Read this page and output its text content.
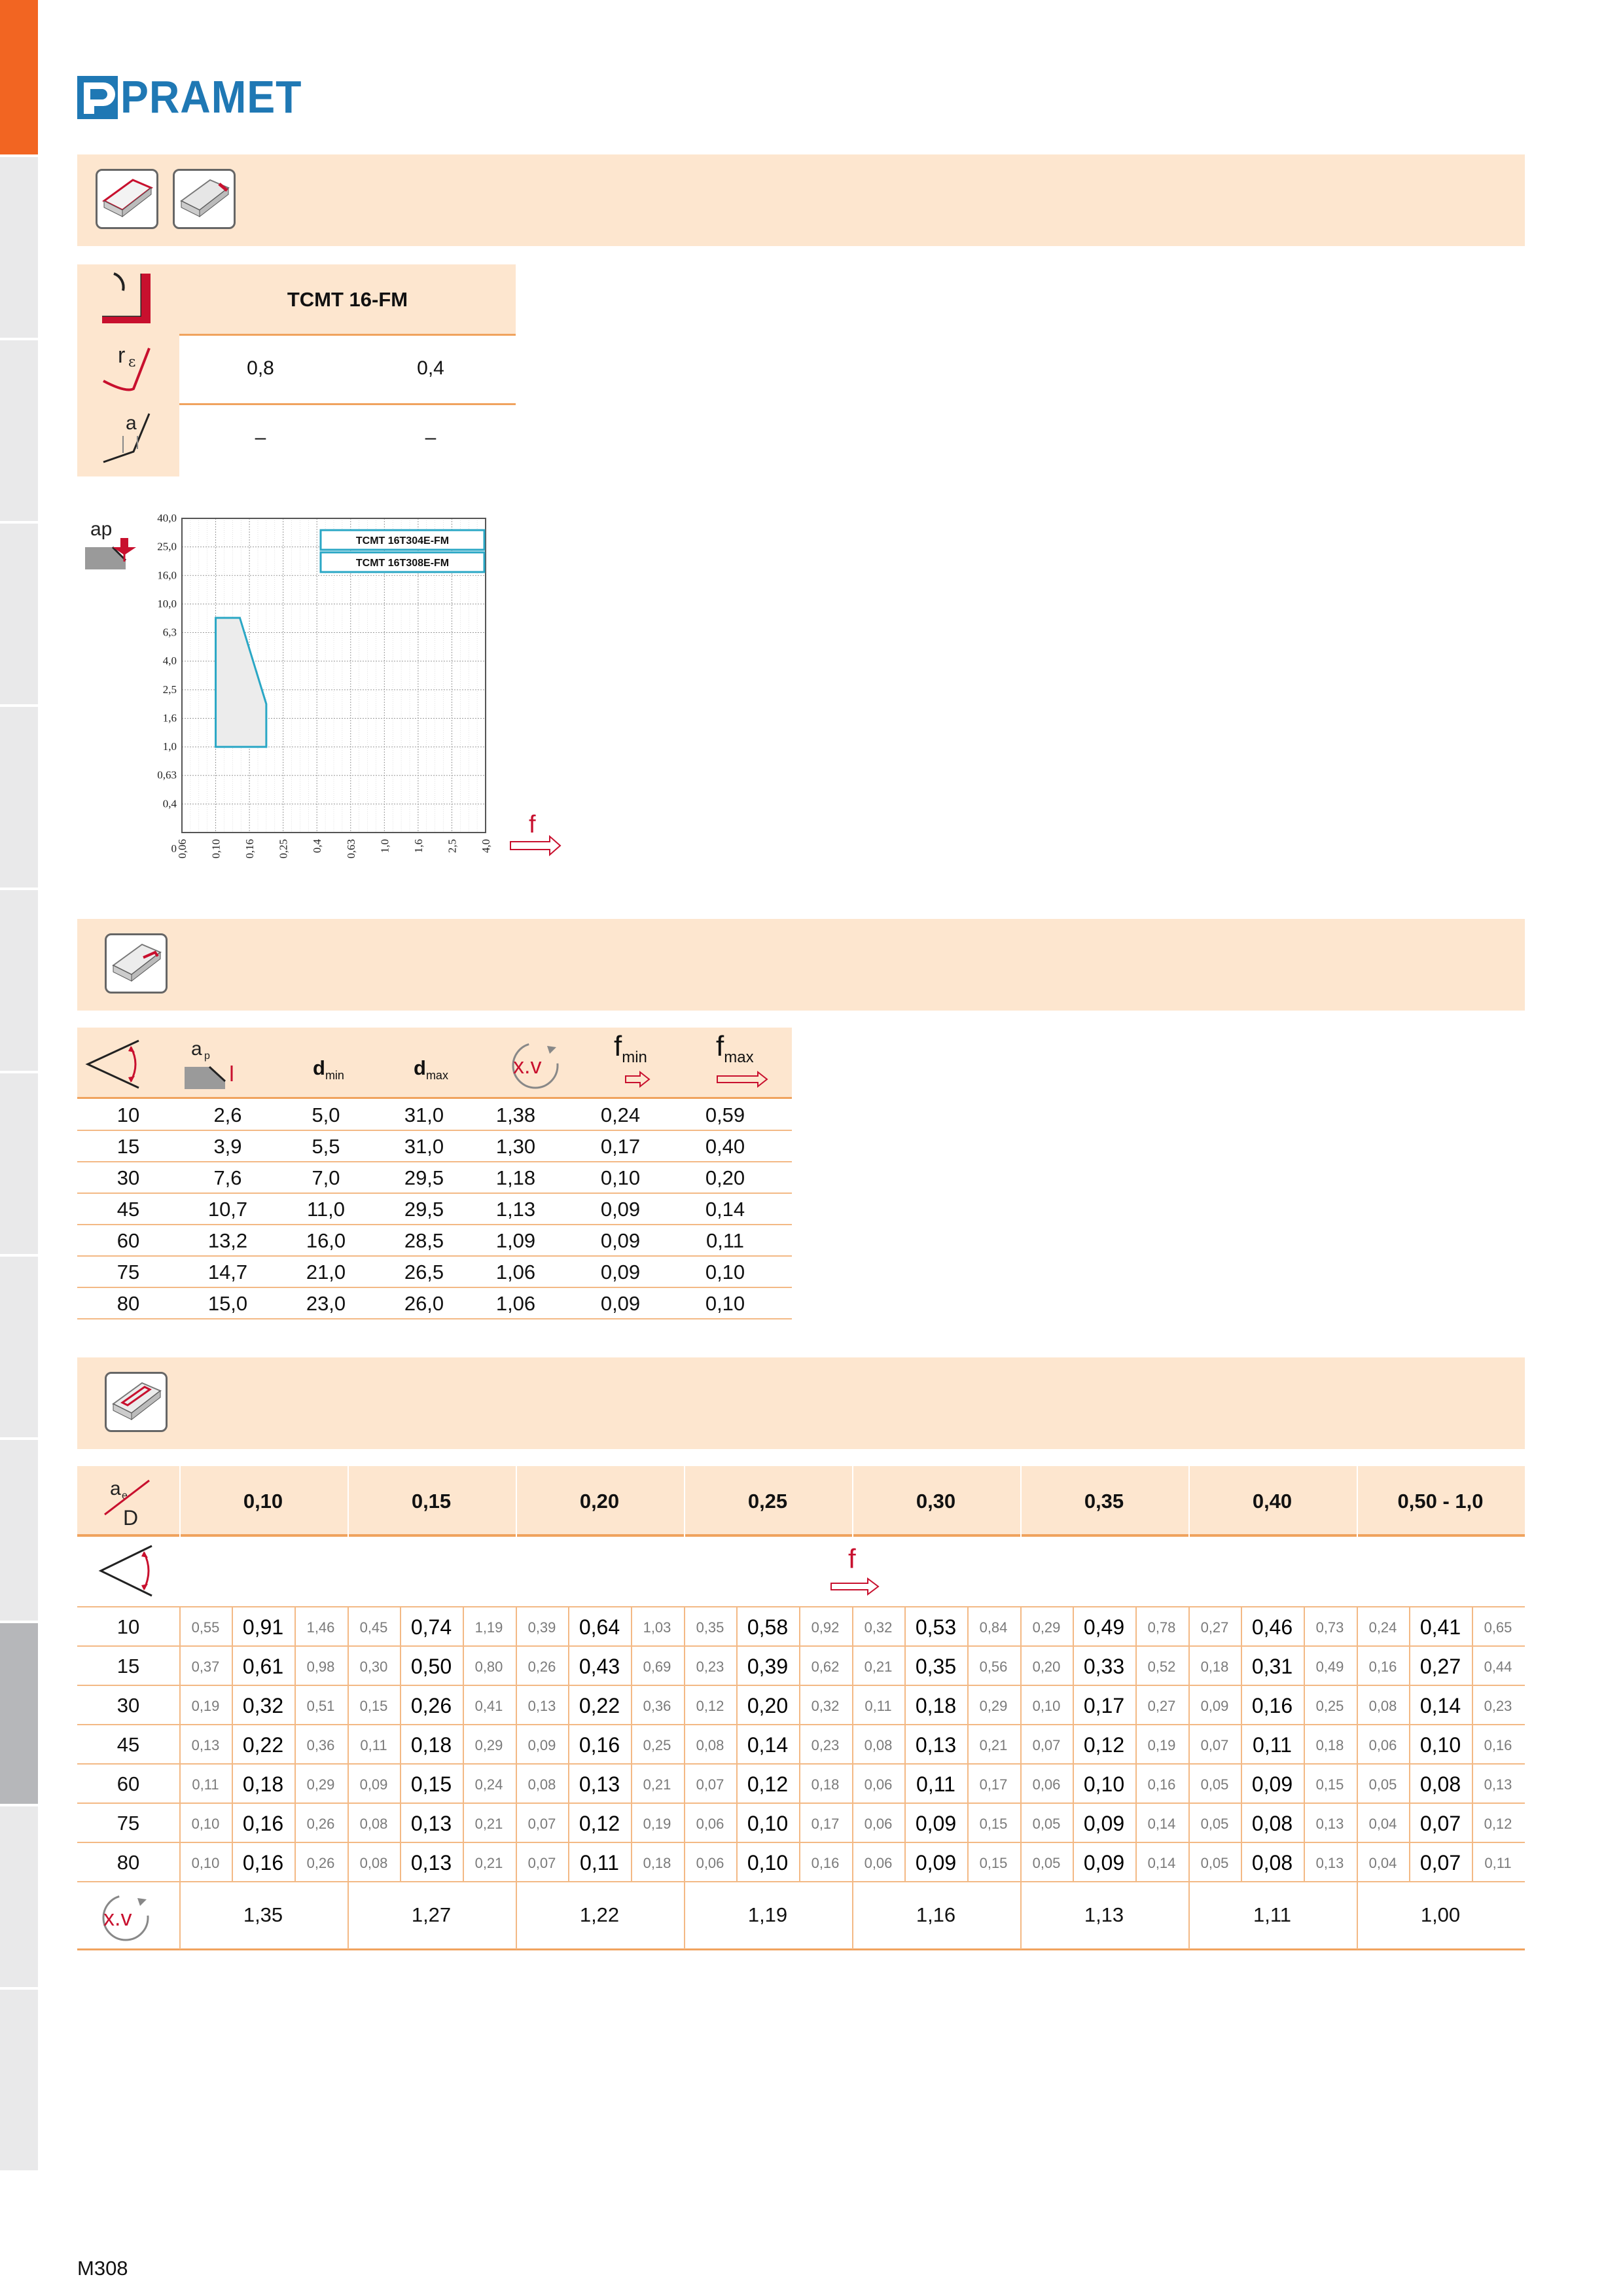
PRAMET
TCMT 16-FM
r ε	0,8	0,4
a
–	–
0
0,4
0,63
1,0
1,6
2,5
4,0
6,3
10,0
16,0
25,0
40,0
0,06 0,10 0,16 0,25 0,4 0,63 1,0 1,6 2,5 4,0
TCMT 16T304E-FM
TCMT 16T308E-FM
ap
f
a p
$d_{min}$	$d_{max}$	x.v
$f_{min}$ $f_{max}$
10	2,6	5,0	31,0	1,38	0,24	0,59
15	3,9	5,5	31,0	1,30	0,17	0,40
30	7,6	7,0	29,5	1,18	0,10	0,20
45	10,7	11,0	29,5	1,13	0,09	0,14
60	13,2	16,0	28,5	1,09	0,09	0,11
75	14,7	21,0	26,5	1,06	0,09	0,10
80	15,0	23,0	26,0	1,06	0,09	0,10
a e
D
0,10	0,15	0,20	0,25	0,30	0,35	0,40	0,50 - 1,0
f
10	0,55	0,91	1,46	0,45	0,74	1,19	0,39	0,64	1,03	0,35	0,58	0,92	0,32	0,53	0,84	0,29	0,49	0,78	0,27	0,46	0,73	0,24	0,41	0,65
15	0,37	0,61	0,98	0,30	0,50	0,80	0,26	0,43	0,69	0,23	0,39	0,62	0,21	0,35	0,56	0,20	0,33	0,52	0,18	0,31	0,49	0,16	0,27	0,44
30	0,19	0,32	0,51	0,15	0,26	0,41	0,13	0,22	0,36	0,12	0,20	0,32	0,11	0,18	0,29	0,10	0,17	0,27	0,09	0,16	0,25	0,08	0,14	0,23
45	0,13	0,22	0,36	0,11	0,18	0,29	0,09	0,16	0,25	0,08	0,14	0,23	0,08	0,13	0,21	0,07	0,12	0,19	0,07	0,11	0,18	0,06	0,10	0,16
60	0,11	0,18	0,29	0,09	0,15	0,24	0,08	0,13	0,21	0,07	0,12	0,18	0,06	0,11	0,17	0,06	0,10	0,16	0,05	0,09	0,15	0,05	0,08	0,13
75	0,10	0,16	0,26	0,08	0,13	0,21	0,07	0,12	0,19	0,06	0,10	0,17	0,06	0,09	0,15	0,05	0,09	0,14	0,05	0,08	0,13	0,04	0,07	0,12
80	0,10	0,16	0,26	0,08	0,13	0,21	0,07	0,11	0,18	0,06	0,10	0,16	0,06	0,09	0,15	0,05	0,09	0,14	0,05	0,08	0,13	0,04	0,07	0,11
x.v	1,35	1,27	1,22	1,19	1,16	1,13	1,11	1,00
M308
